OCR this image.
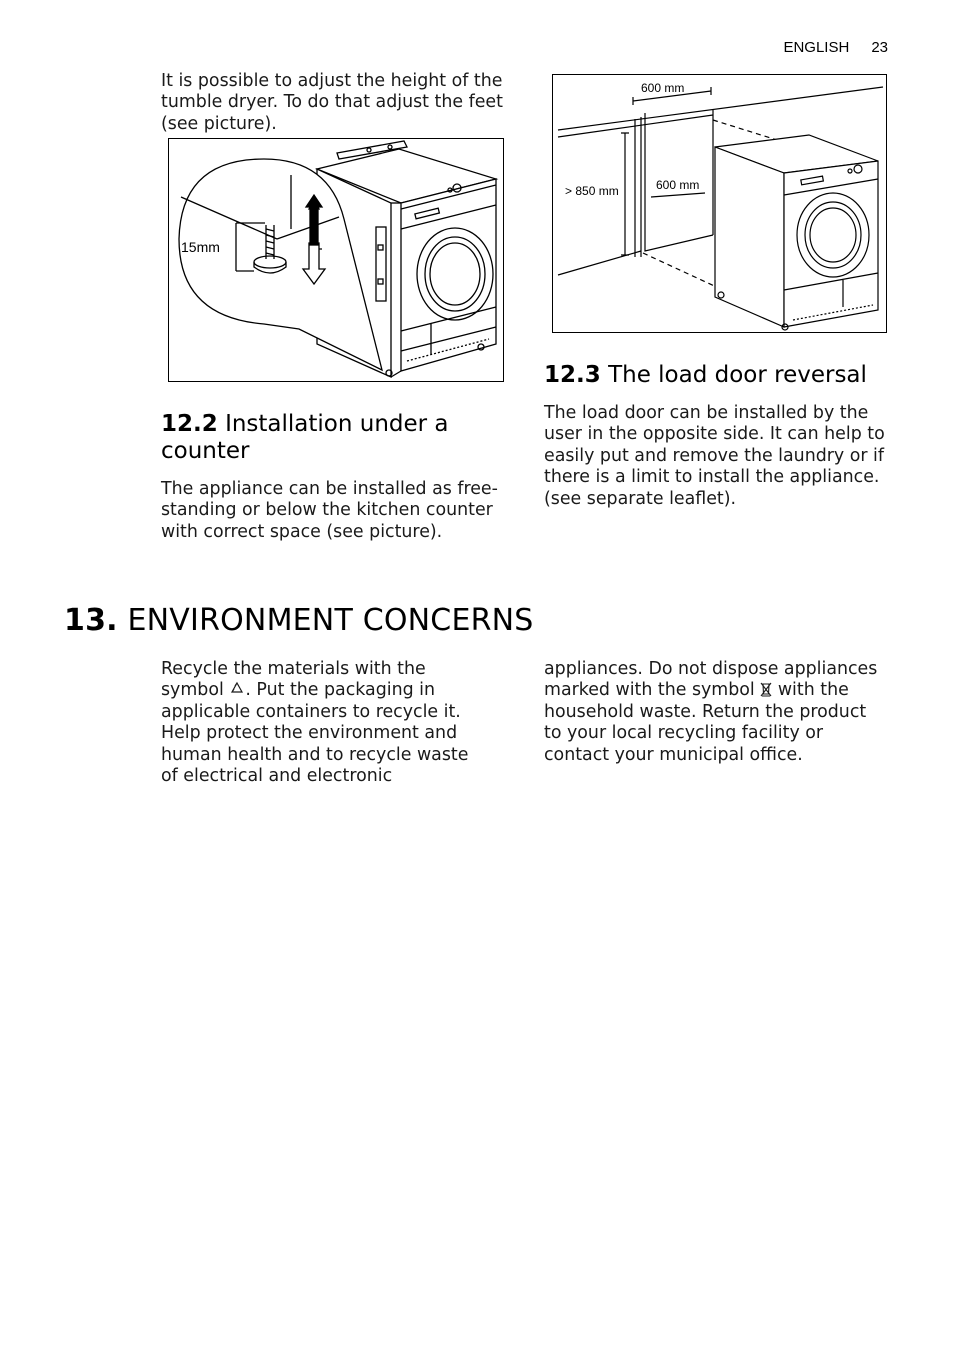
ENGLISH 23

It is possible to adjust the height of the tumble dryer. To do that adjust the feet (see picture).

15mm
600 mm
> 850 mm	600 mm
12.3 The load door reversal

The load door can be installed by the user in the opposite side. It can help to easily put and remove the laundry or if there is a limit to install the appliance. (see separate leaflet).

12.2 Installation under a counter

The appliance can be installed as free-standing or below the kitchen counter with correct space (see picture).

13. ENVIRONMENT CONCERNS

Recycle the materials with the symbol . Put the packaging in applicable containers to recycle it. Help protect the environment and human health and to recycle waste of electrical and electronic

appliances. Do not dispose appliances marked with the symbol with the household waste. Return the product to your local recycling facility or contact your municipal office.
